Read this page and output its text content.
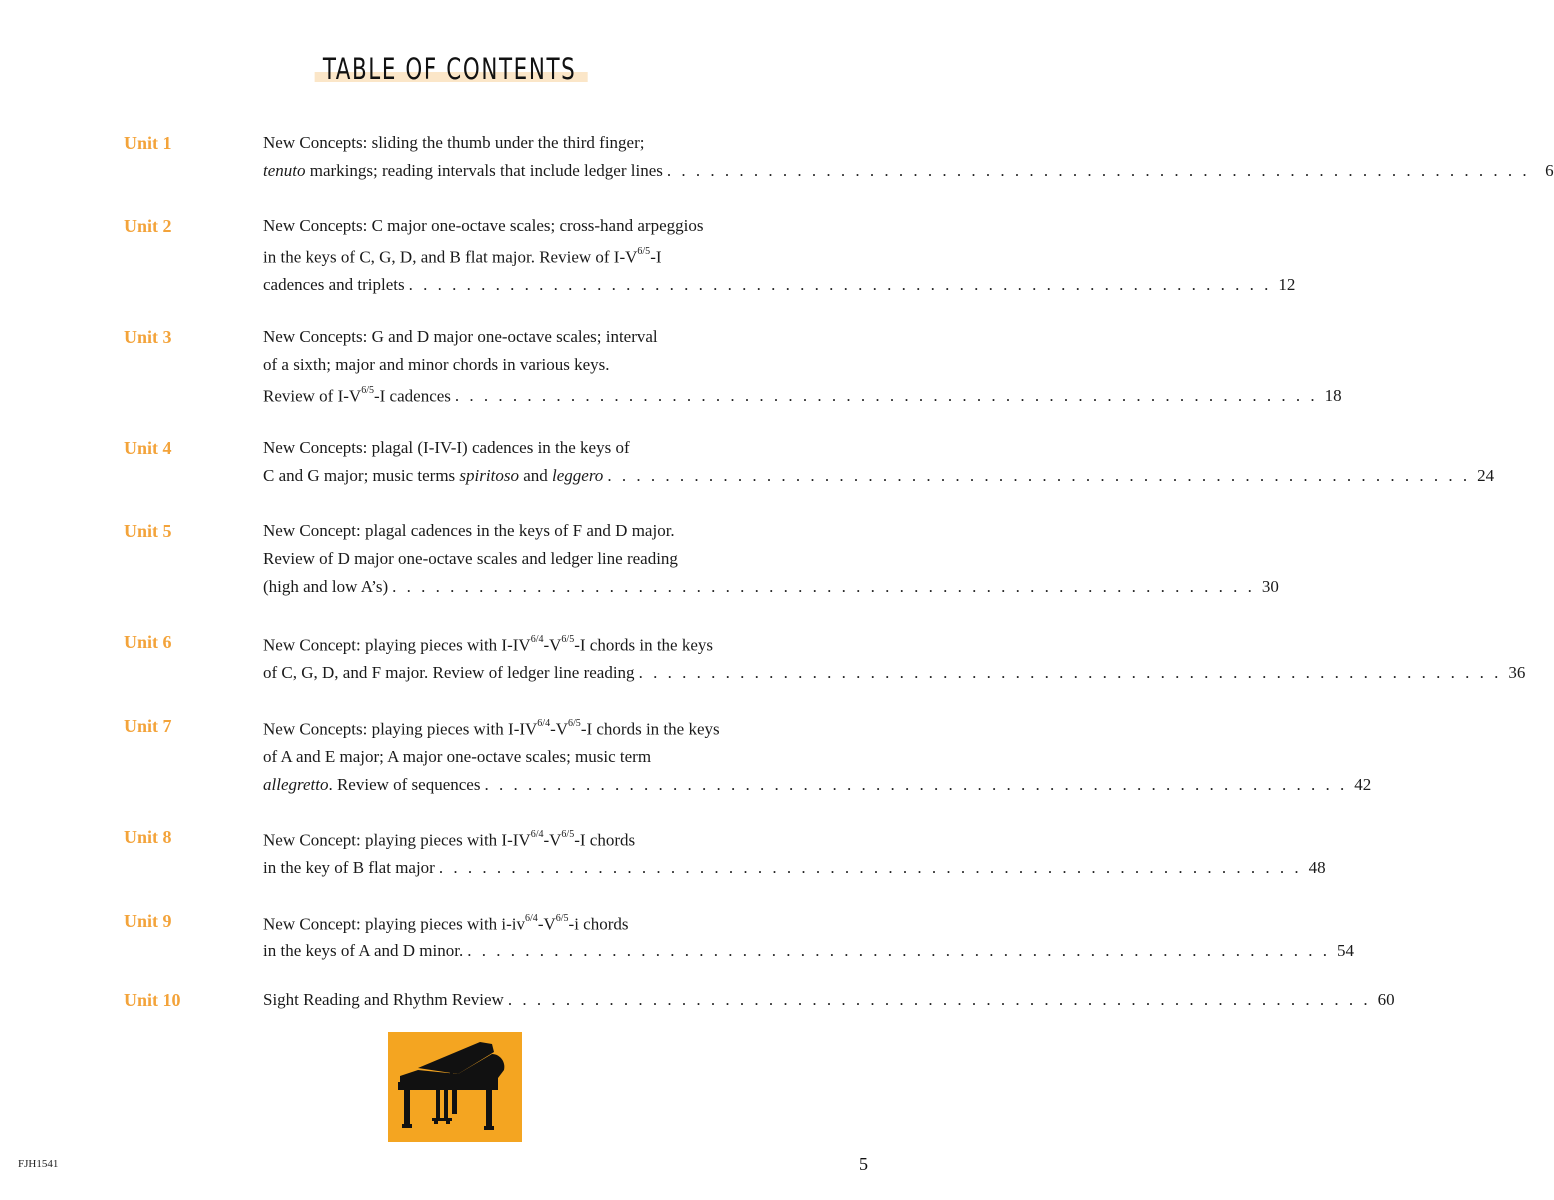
TABLE OF CONTENTS
Unit 1	New Concepts: sliding the thumb under the third finger;
tenuto markings; reading intervals that include ledger lines . . . . . . . . . . . . . . . . . . . . . . . . . . . . . . . . . . . . . . . . . . . . . . . . . . . . . . . . . . . . 6
Unit 2	New Concepts: C major one-octave scales; cross-hand arpeggios
in the keys of C, G, D, and B flat major. Review of $I-V^{6/5}-I$
cadences and triplets . . . . . . . . . . . . . . . . . . . . . . . . . . . . . . . . . . . . . . . . . . . . . . . . . . . . . . . . . . . . 12
Unit 3	New Concepts: G and D major one-octave scales; interval
of a sixth; major and minor chords in various keys.
Review of $I-V^{6/5}-I$ cadences . . . . . . . . . . . . . . . . . . . . . . . . . . . . . . . . . . . . . . . . . . . . . . . . . . . . . . . . . . . . 18
Unit 4	New Concepts: plagal (I-IV-I) cadences in the keys of
C and G major; music terms spiritoso and leggero . . . . . . . . . . . . . . . . . . . . . . . . . . . . . . . . . . . . . . . . . . . . . . . . . . . . . . . . . . . . 24
Unit 5	New Concept: plagal cadences in the keys of F and D major.
Review of D major one-octave scales and ledger line reading
(high and low A’s) . . . . . . . . . . . . . . . . . . . . . . . . . . . . . . . . . . . . . . . . . . . . . . . . . . . . . . . . . . . . 30
Unit 6	New Concept: playing pieces with $I-IV^{6/4}-V^{6/5}-I$ chords in the keys
of C, G, D, and F major. Review of ledger line reading . . . . . . . . . . . . . . . . . . . . . . . . . . . . . . . . . . . . . . . . . . . . . . . . . . . . . . . . . . . . 36
Unit 7	New Concepts: playing pieces with $I-IV^{6/4}-V^{6/5}-I$ chords in the keys
of A and E major; A major one-octave scales; music term
allegretto. Review of sequences . . . . . . . . . . . . . . . . . . . . . . . . . . . . . . . . . . . . . . . . . . . . . . . . . . . . . . . . . . . . 42
Unit 8	New Concept: playing pieces with $I-IV^{6/4}-V^{6/5}-I$ chords
in the key of B flat major . . . . . . . . . . . . . . . . . . . . . . . . . . . . . . . . . . . . . . . . . . . . . . . . . . . . . . . . . . . . 48
Unit 9	New Concept: playing pieces with $i-iv^{6/4}-V^{6/5}-i$ chords
in the keys of A and D minor. . . . . . . . . . . . . . . . . . . . . . . . . . . . . . . . . . . . . . . . . . . . . . . . . . . . . . . . . . . . . 54
Unit 10	Sight Reading and Rhythm Review . . . . . . . . . . . . . . . . . . . . . . . . . . . . . . . . . . . . . . . . . . . . . . . . . . . . . . . . . . . . 60
FJH1541	5
